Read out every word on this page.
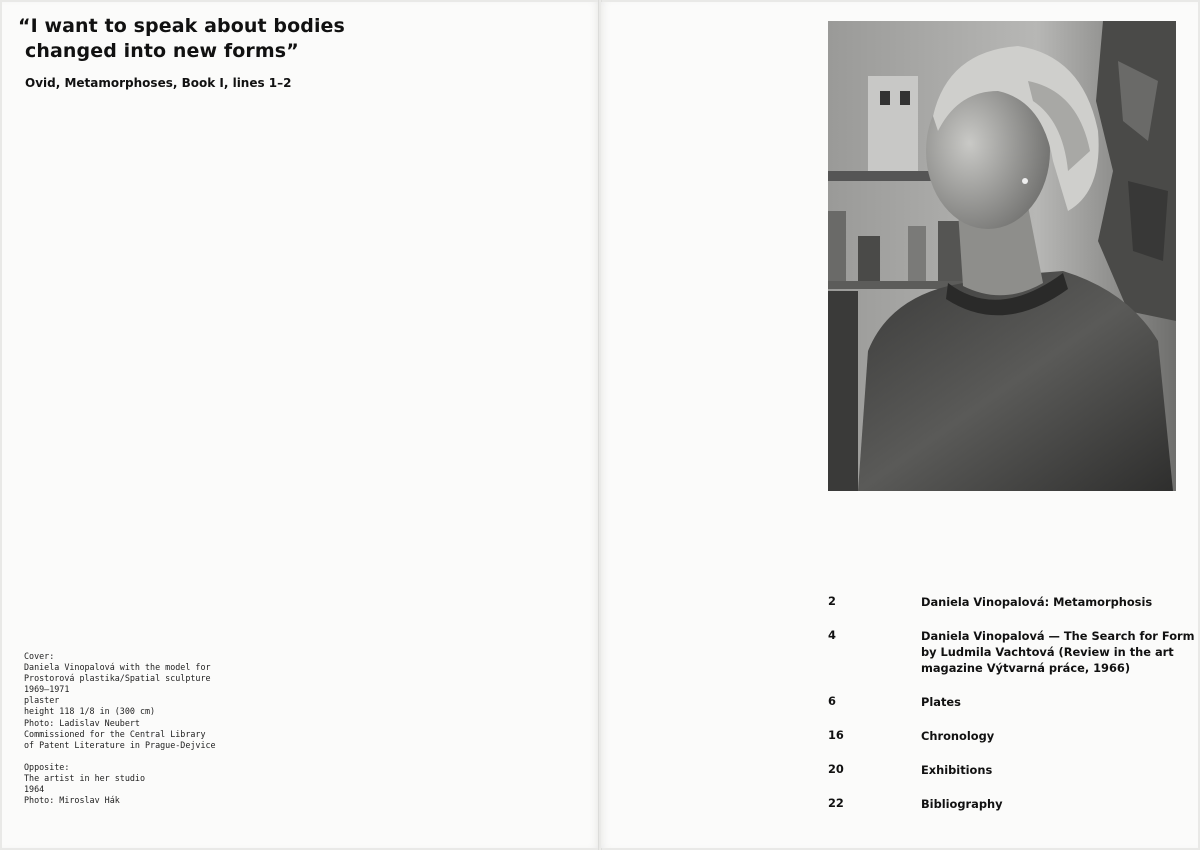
“I want to speak about bodies
changed into new forms”
Ovid, Metamorphoses, Book I, lines 1–2
Cover:
Daniela Vinopalová with the model for
Prostorová plastika/Spatial sculpture
1969–1971
plaster
height 118 1/8 in (300 cm)
Photo: Ladislav Neubert
Commissioned for the Central Library
of Patent Literature in Prague-Dejvice
Opposite:
The artist in her studio
1964
Photo: Miroslav Hák
2	Daniela Vinopalová: Metamorphosis
4	Daniela Vinopalová — The Search for Form
by Ludmila Vachtová (Review in the art
magazine Výtvarná práce, 1966)
6	Plates
16	Chronology
20	Exhibitions
22	Bibliography
